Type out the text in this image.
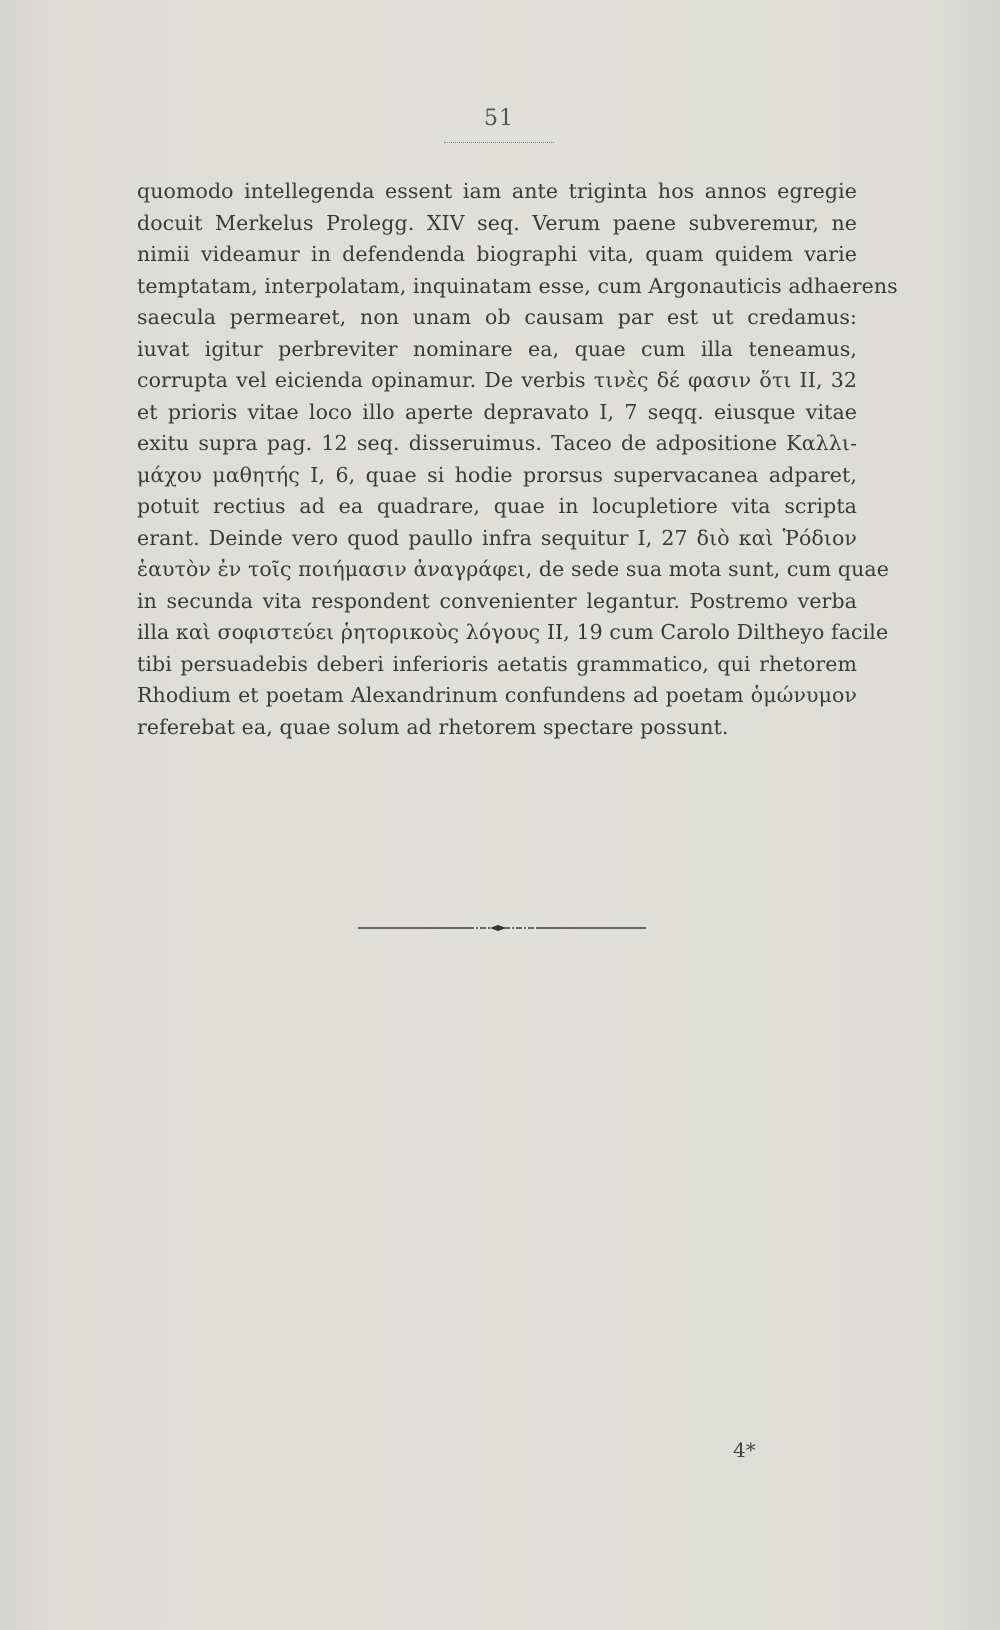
51
quomodo intellegenda essent iam ante triginta hos annos egregie
docuit Merkelus Prolegg. XIV seq. Verum paene subveremur, ne
nimii videamur in defendenda biographi vita, quam quidem varie
temptatam, interpolatam, inquinatam esse, cum Argonauticis adhaerens
saecula permearet, non unam ob causam par est ut credamus:
iuvat igitur perbreviter nominare ea, quae cum illa teneamus,
corrupta vel eicienda opinamur. De verbis τινὲς δέ φασιν ὅτι II, 32
et prioris vitae loco illo aperte depravato I, 7 seqq. eiusque vitae
exitu supra pag. 12 seq. disseruimus. Taceo de adpositione Καλλι-
μάχου μαθητής I, 6, quae si hodie prorsus supervacanea adparet,
potuit rectius ad ea quadrare, quae in locupletiore vita scripta
erant. Deinde vero quod paullo infra sequitur I, 27 διὸ καὶ Ῥόδιον
ἑαυτὸν ἐν τοῖς ποιήμασιν ἀναγράφει, de sede sua mota sunt, cum quae
in secunda vita respondent convenienter legantur. Postremo verba
illa καὶ σοφιστεύει ῥητορικοὺς λόγους II, 19 cum Carolo Diltheyo facile
tibi persuadebis deberi inferioris aetatis grammatico, qui rhetorem
Rhodium et poetam Alexandrinum confundens ad poetam ὁμώνυμον
referebat ea, quae solum ad rhetorem spectare possunt.
4*
